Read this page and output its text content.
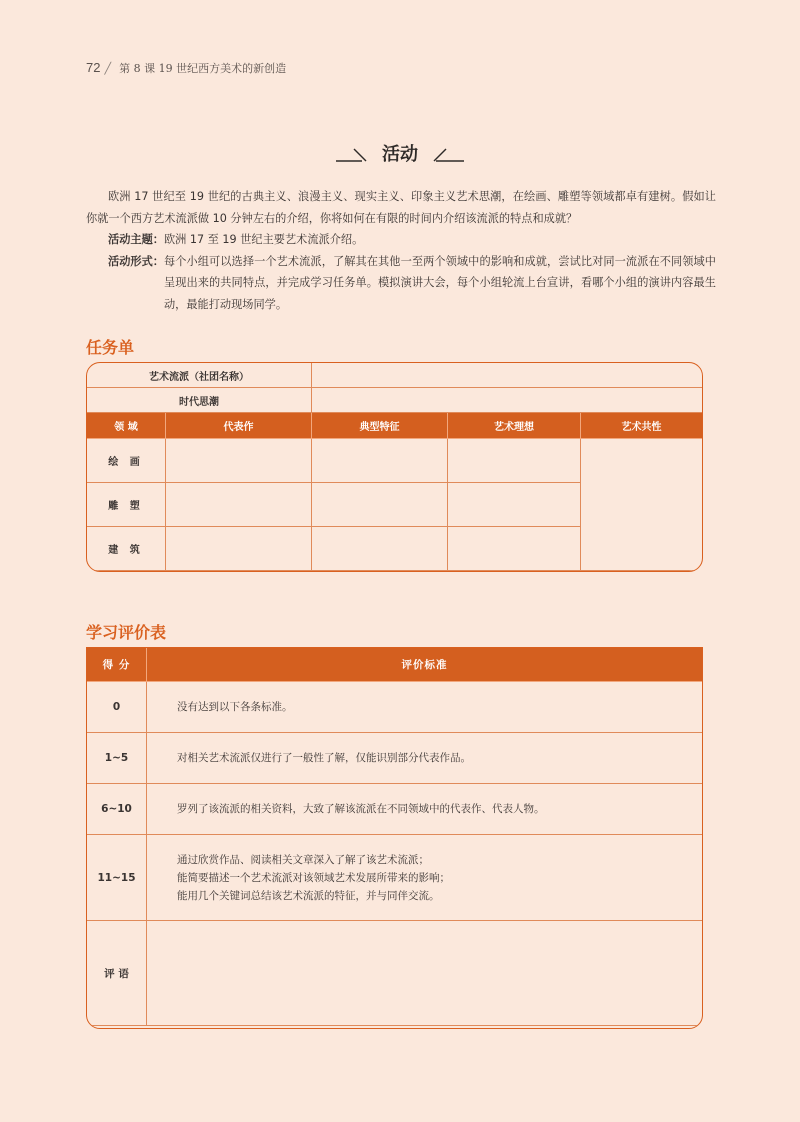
72 ╱ 第 8 课 19 世纪西方美术的新创造
活动

欧洲 17 世纪至 19 世纪的古典主义、浪漫主义、现实主义、印象主义艺术思潮，在绘画、雕塑等领域都卓有建树。假如让你就一个西方艺术流派做 10 分钟左右的介绍，你将如何在有限的时间内介绍该流派的特点和成就？

活动主题： 欧洲 17 至 19 世纪主要艺术流派介绍。
活动形式： 每个小组可以选择一个艺术流派，了解其在其他一至两个领域中的影响和成就，尝试比对同一流派在不同领域中呈现出来的共同特点，并完成学习任务单。模拟演讲大会，每个小组轮流上台宣讲，看哪个小组的演讲内容最生动，最能打动现场同学。
任务单
艺术流派（社团名称）				
时代思潮				
领 域	代表作	典型特征	艺术理想	艺术共性
绘 画				
雕 塑				
建 筑				
学习评价表
得 分	评价标准
0	没有达到以下各条标准。

1~5	对相关艺术流派仅进行了一般性了解，仅能识别部分代表作品。

6~10	罗列了该流派的相关资料，大致了解该流派在不同领域中的代表作、代表人物。

11~15	通过欣赏作品、阅读相关文章深入了解了该艺术流派；
能简要描述一个艺术流派对该领域艺术发展所带来的影响；
能用几个关键词总结该艺术流派的特征，并与同伴交流。

评 语	
